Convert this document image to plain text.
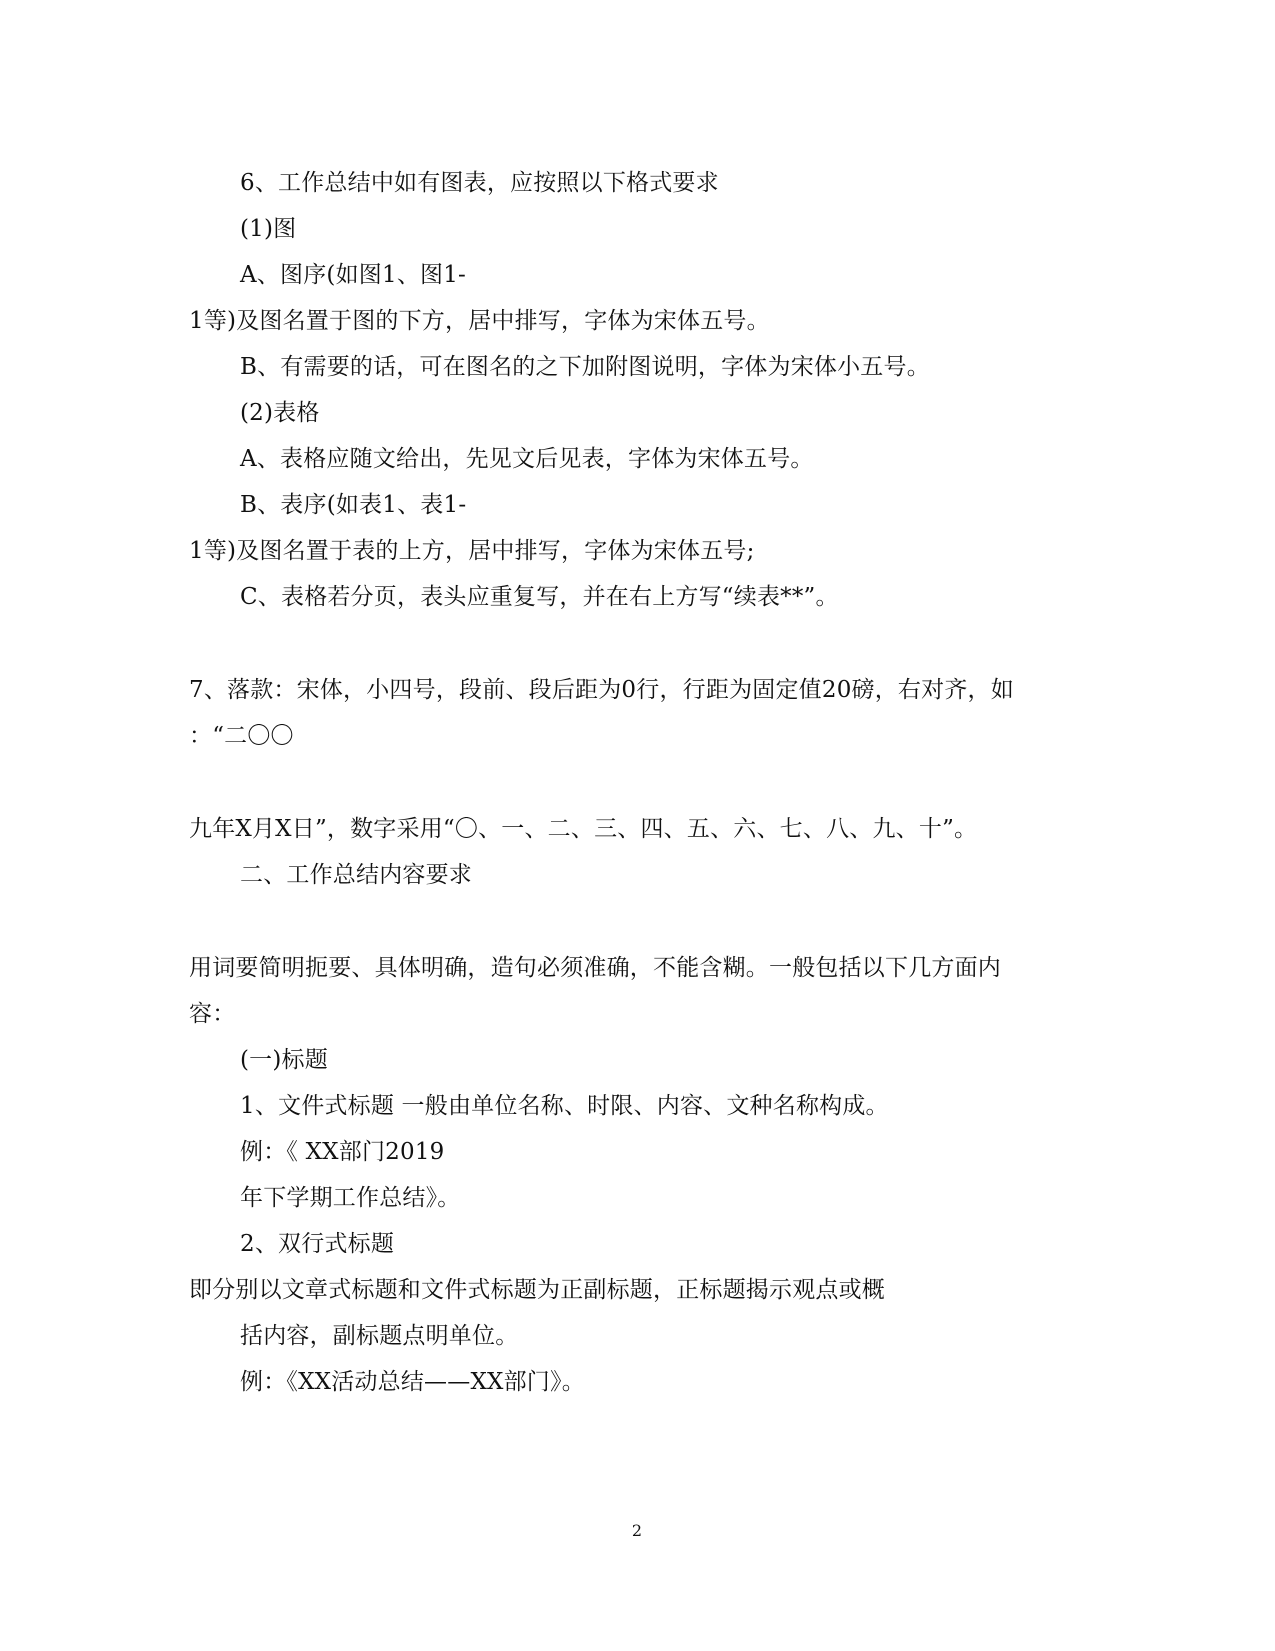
6、工作总结中如有图表，应按照以下格式要求
(1)图
A、图序(如图1、图1-
1等)及图名置于图的下方，居中排写，字体为宋体五号。
B、有需要的话，可在图名的之下加附图说明，字体为宋体小五号。
(2)表格
A、表格应随文给出，先见文后见表，字体为宋体五号。
B、表序(如表1、表1-
1等)及图名置于表的上方，居中排写，字体为宋体五号;
C、表格若分页，表头应重复写，并在右上方写“续表**”。
7、落款：宋体，小四号，段前、段后距为0行，行距为固定值20磅，右对齐，如
：“二〇〇
九年X月X日”，数字采用“〇、一、二、三、四、五、六、七、八、九、十”。
二、工作总结内容要求
用词要简明扼要、具体明确，造句必须准确，不能含糊。一般包括以下几方面内
容：
(一)标题
1、文件式标题 一般由单位名称、时限、内容、文种名称构成。
例：《 XX部门2019
年下学期工作总结》。
2、双行式标题
即分别以文章式标题和文件式标题为正副标题，正标题揭示观点或概
括内容，副标题点明单位。
例：《XX活动总结——XX部门》。
2
